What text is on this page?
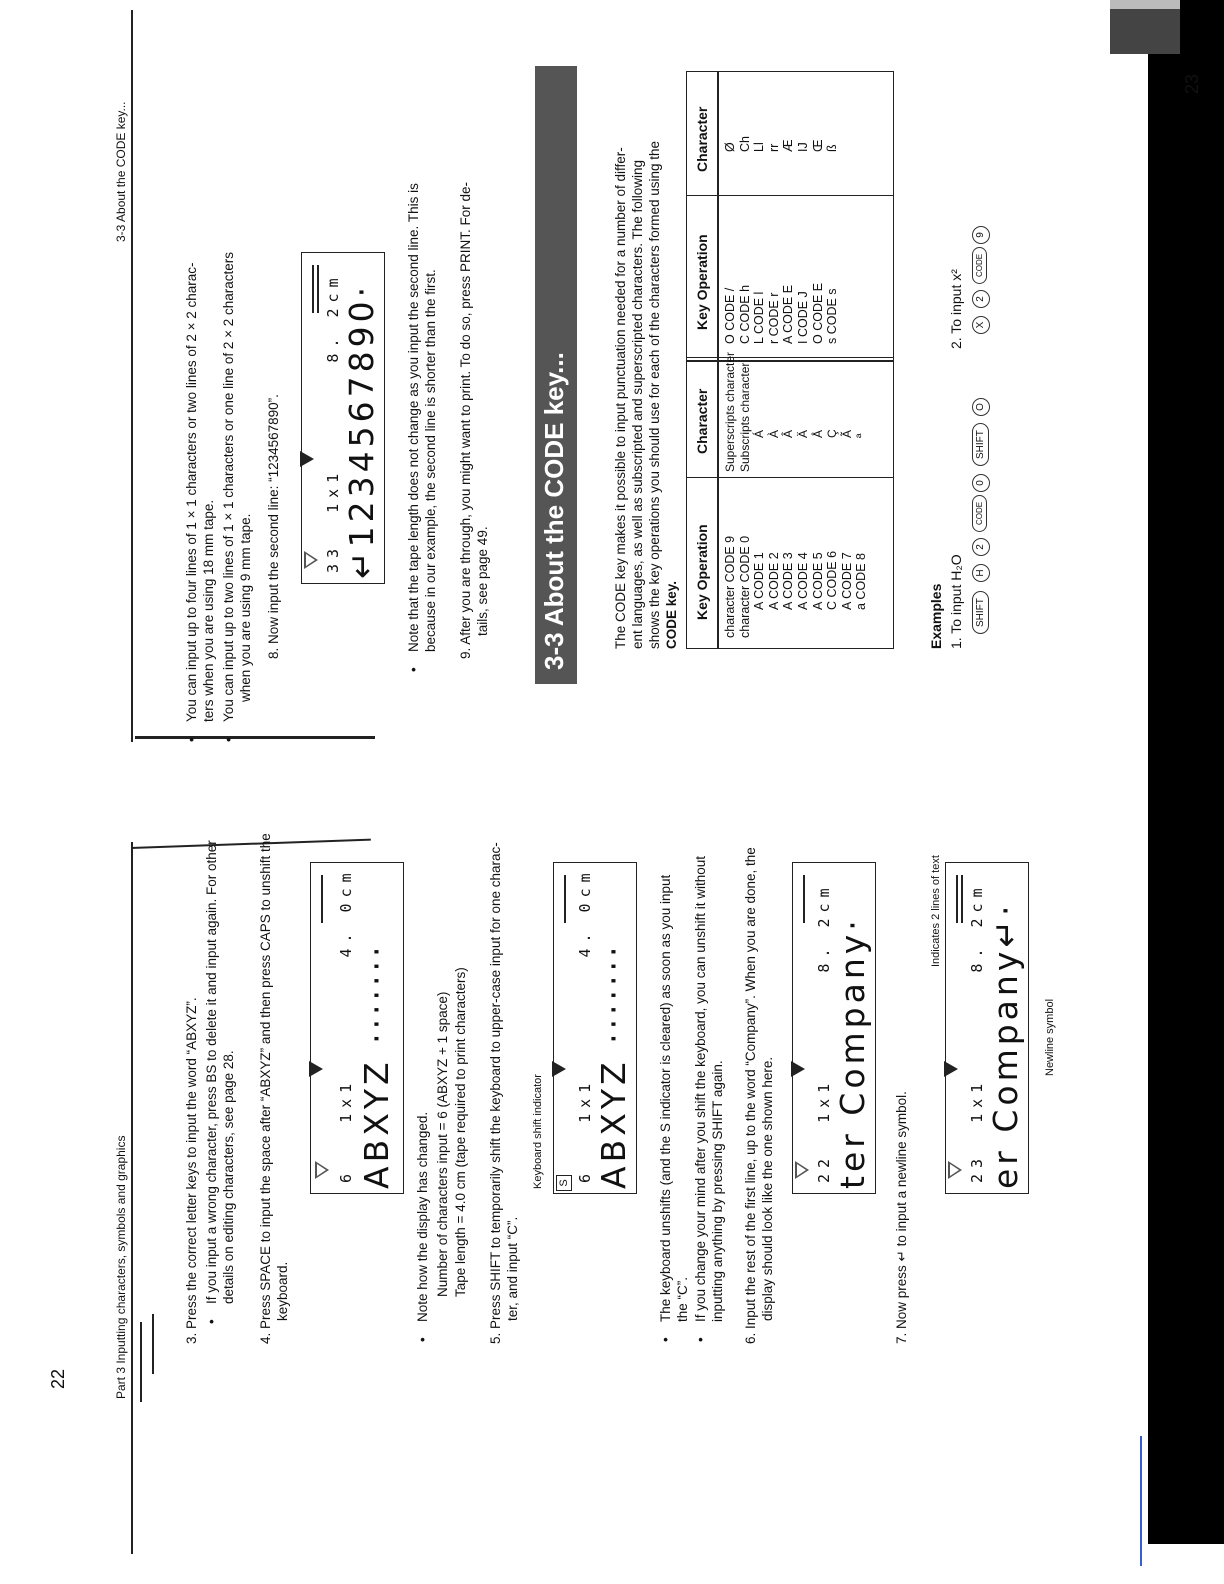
Part 3 Inputting characters, symbols and graphics
3-3 About the CODE key...
22
23
3. Press the correct letter keys to input the word “ABXYZ”. • If you input a wrong character, press BS to delete it and input again. For other details on editing characters, see page 28. 4. Press SPACE to input the space after “ABXYZ” and then press CAPS to unshift the keyboard.
6   1x1        4. 0cm ABXYZ ·······
• Note how the display has changed. Number of characters input = 6 (ABXYZ + 1 space) Tape length = 4.0 cm (tape required to print characters) 5. Press SHIFT to temporarily shift the keyboard to upper-case input for one charac- ter, and input “C”.
Keyboard shift indicator S 6   1x1        4. 0cm ABXYZ ······· • The keyboard unshifts (and the S indicator is cleared) as soon as you input the “C”. • If you change your mind after you shift the keyboard, you can unshift it without inputting anything by pressing SHIFT again. 6. Input the rest of the first line, up to the word “Company”. When you are done, the display should look like the one shown here.
22  1x1       8. 2cm ter Company·
7. Now press ↵ to input a newline symbol.
Indicates 2 lines of text 23  1x1       8. 2cm er Company↵· Newline symbol
• You can input up to four lines of 1 × 1 characters or two lines of 2 × 2 charac- ters when you are using 18 mm tape. • You can input up to two lines of 1 × 1 characters or one line of 2 × 2 characters when you are using 9 mm tape. 8. Now input the second line: “1234567890”.	33  1x1       8. 2cm ↵1234567890· • Note that the tape length does not change as you input the second line. This is because in our example, the second line is shorter than the first. 9. After you are through, you might want to print. To do so, press PRINT. For de- tails, see page 49. 3-3 About the CODE key...	The CODE key makes it possible to input punctuation needed for a number of differ- ent languages, as well as subscripted and superscripted characters. The following shows the key operations you should use for each of the characters formed using the CODE key. Key Operation
Character
Key Operation
Character
character CODE 9 character CODE 0 A CODE 1 A CODE 2 A CODE 3 A CODE 4 A CODE 5 C CODE 6 A CODE 7 a CODE 8
Superscripts character Subscripts character Á À Â Ä Å Ç Ã ª
O CODE / C CODE h L CODE l r CODE r A CODE E I CODE J O CODE E s CODE s
Ø Ch Ll rr Æ IJ Œ ß
Examples 1. To input H₂O
2. To input x²
SHIFT
H
2
CODE
0
SHIFT
O
X
2
CODE
9
